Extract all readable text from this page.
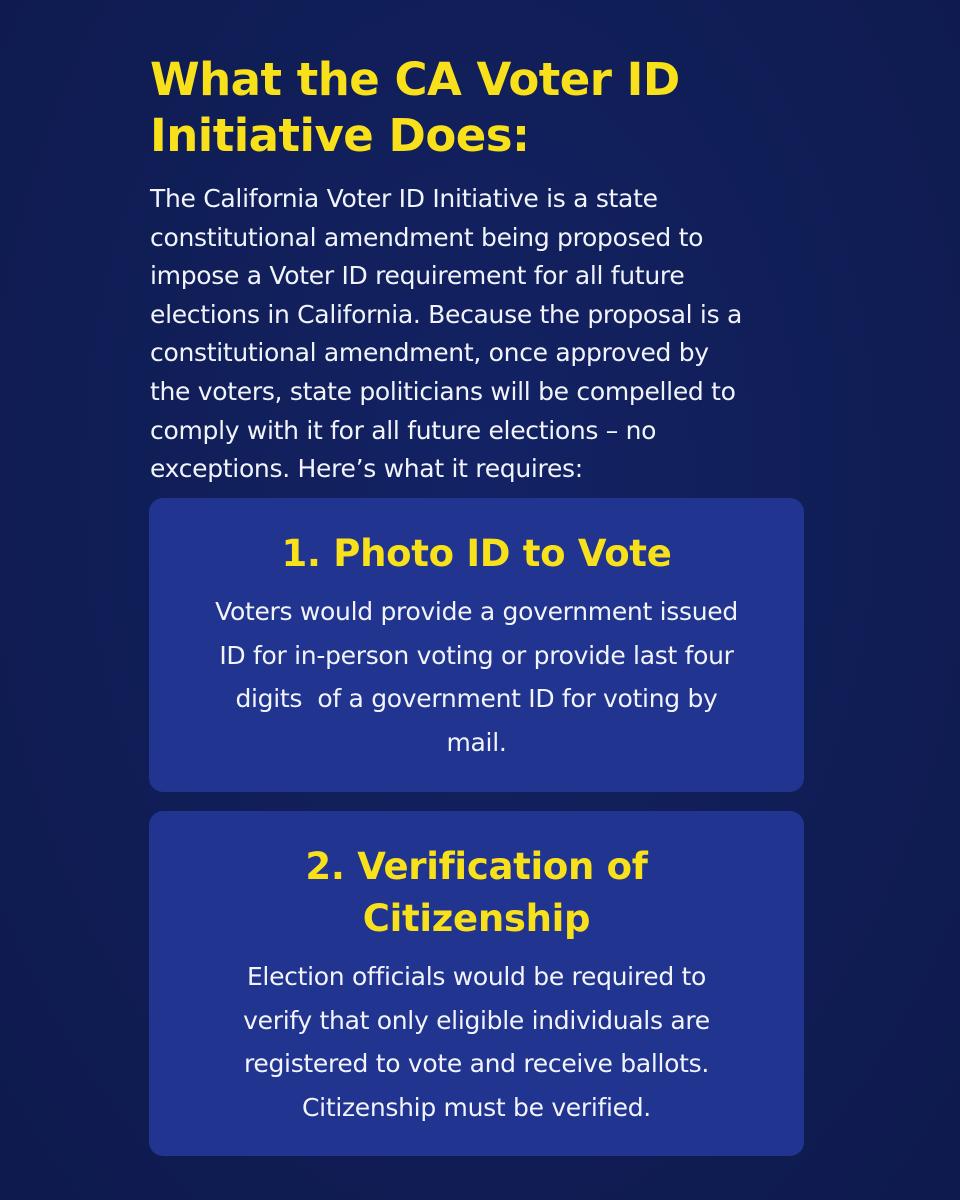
What the CA Voter ID
Initiative Does:

The California Voter ID Initiative is a state
constitutional amendment being proposed to
impose a Voter ID requirement for all future
elections in California. Because the proposal is a
constitutional amendment, once approved by
the voters, state politicians will be compelled to
comply with it for all future elections – no
exceptions. Here’s what it requires:

1. Photo ID to Vote

Voters would provide a government issued
ID for in-person voting or provide last four
digits  of a government ID for voting by
mail.

2. Verification of
Citizenship

Election officials would be required to
verify that only eligible individuals are
registered to vote and receive ballots.
Citizenship must be verified.
